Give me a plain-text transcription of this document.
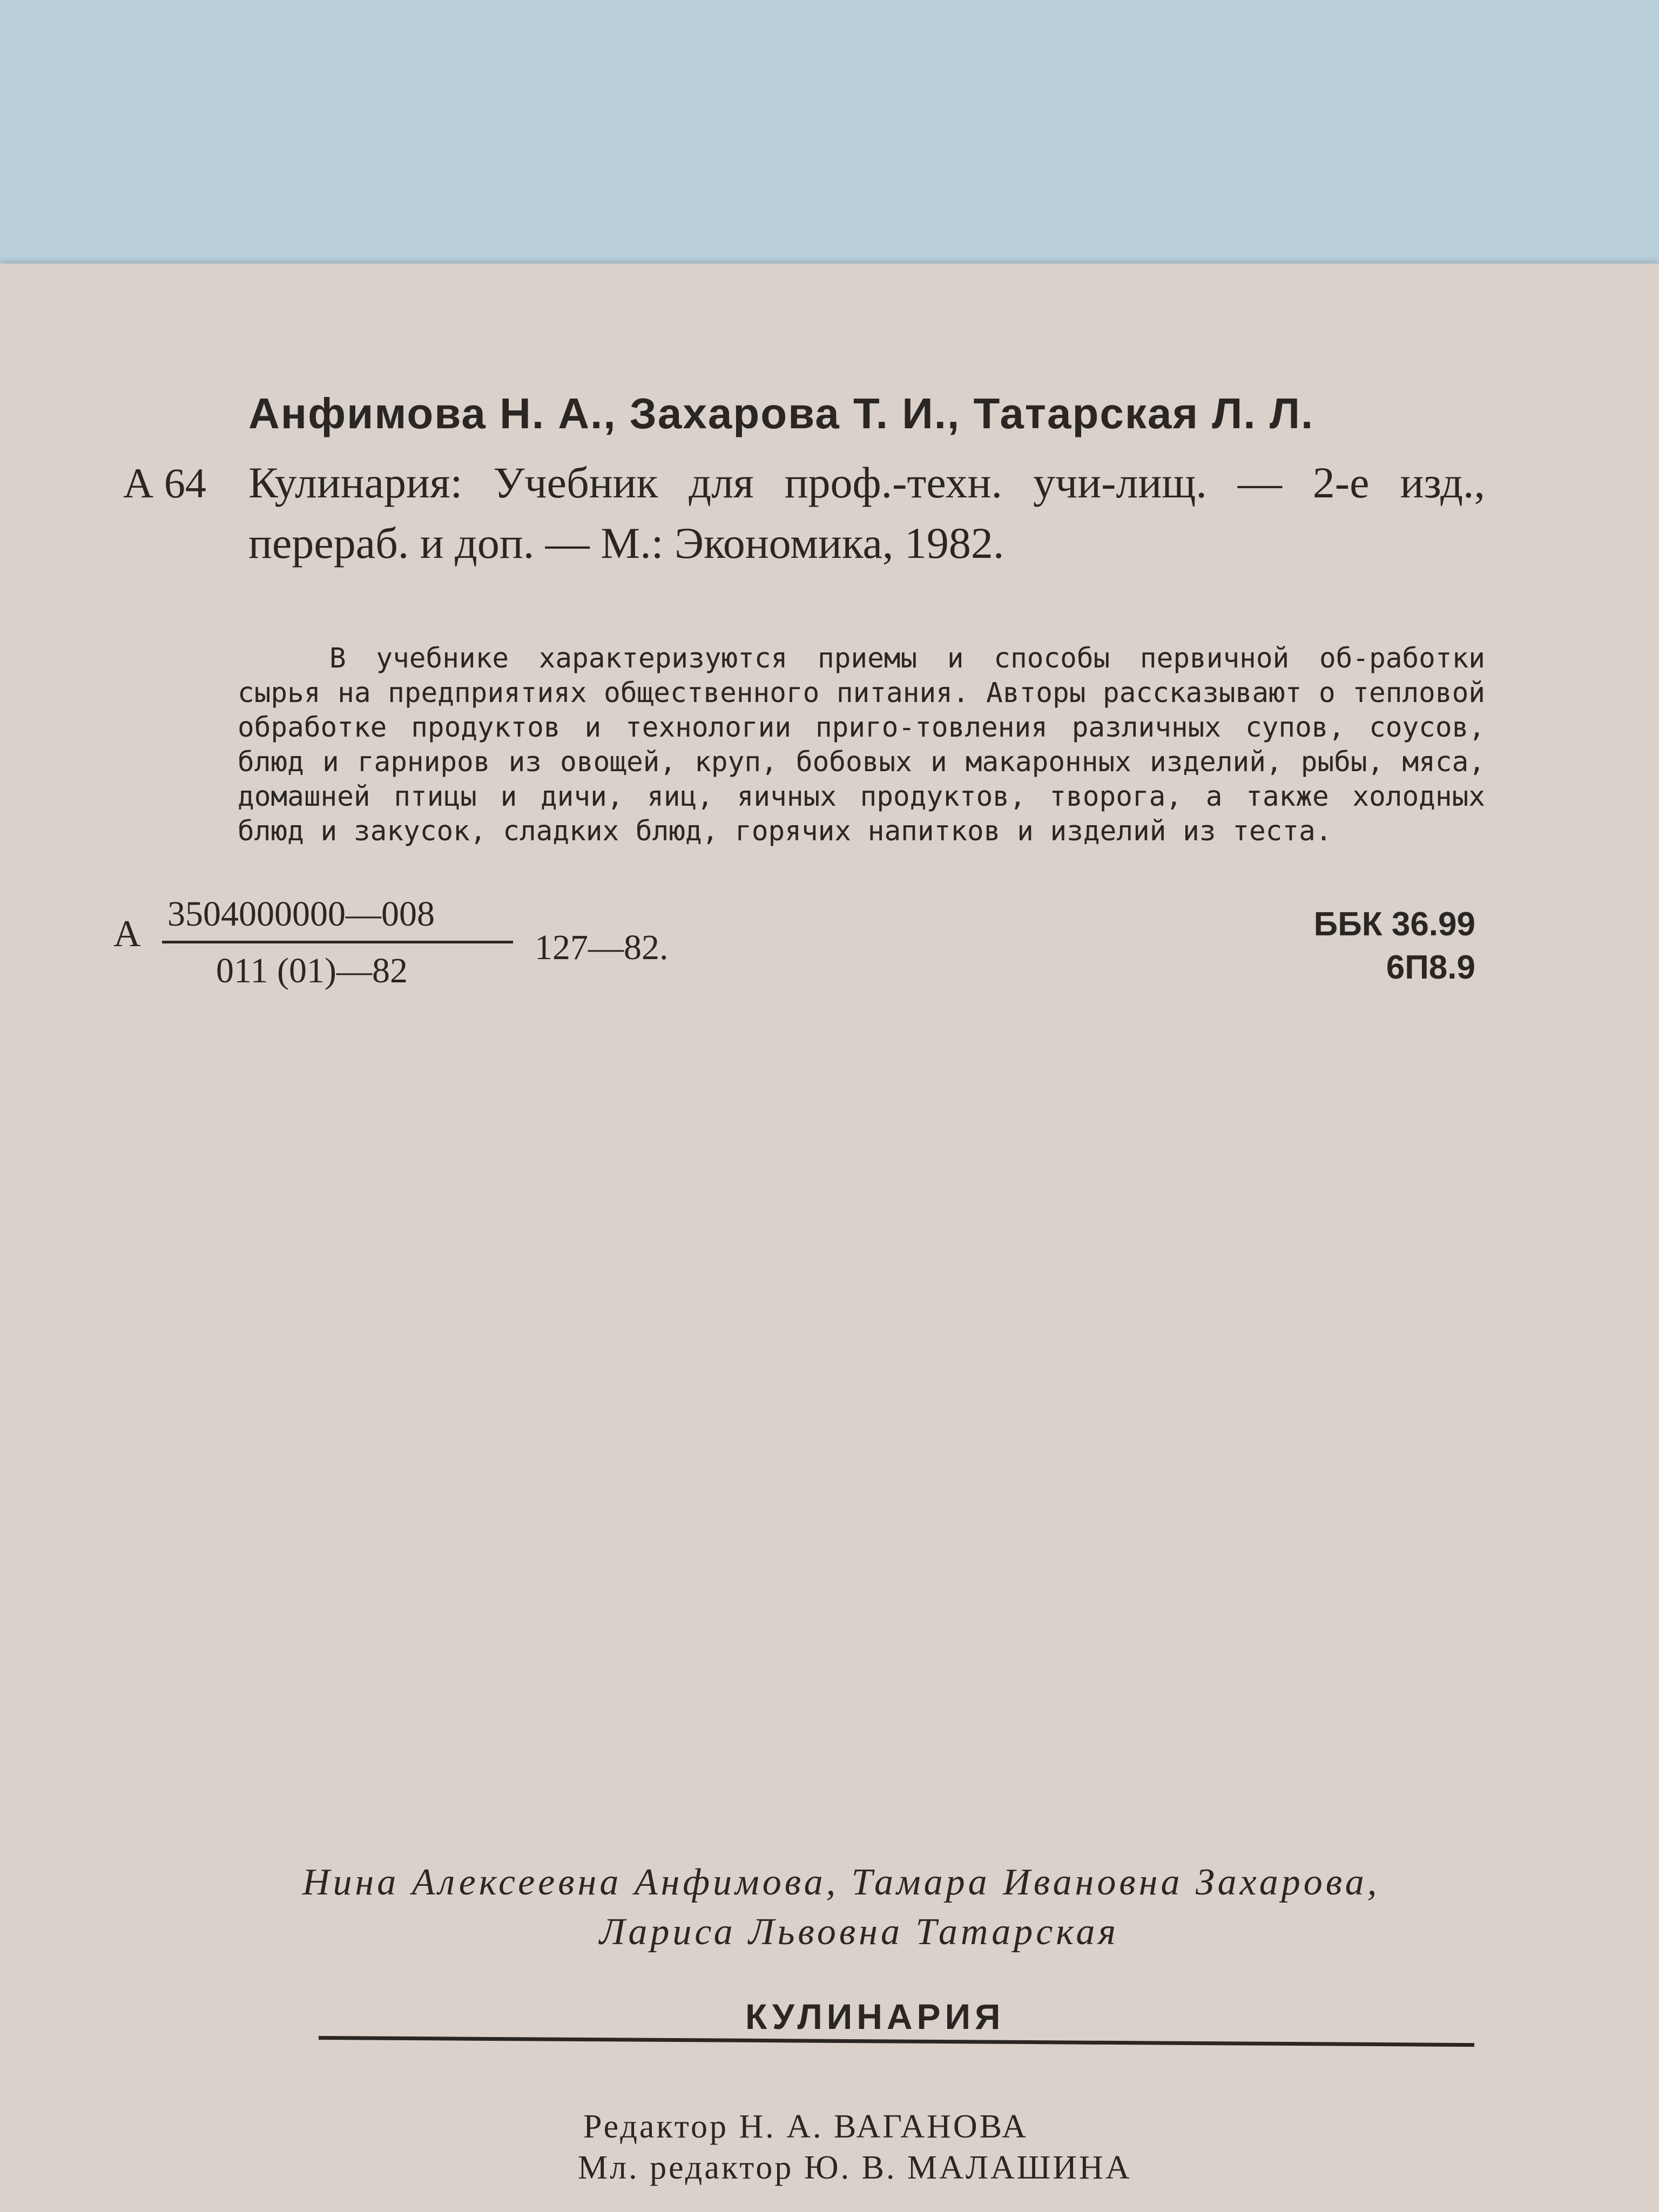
Анфимова Н. А., Захарова Т. И., Татарская Л. Л.
А 64 Кулинария: Учебник для проф.-техн. учи-лищ. — 2-е изд., перераб. и доп. — М.: Экономика, 1982.

В учебнике характеризуются приемы и способы первичной об-работки сырья на предприятиях общественного питания. Авторы рассказывают о тепловой обработке продуктов и технологии приго-товления различных супов, соусов, блюд и гарниров из овощей, круп, бобовых и макаронных изделий, рыбы, мяса, домашней птицы и дичи, яиц, яичных продуктов, творога, а также холодных блюд и закусок, сладких блюд, горячих напитков и изделий из теста.

А 3504000000—008
011 (01)—82
127—82.
ББК 36.99
6П8.9
Нина Алексеевна Анфимова, Тамара Ивановна Захарова,
Лариса Львовна Татарская
КУЛИНАРИЯ
Редактор Н. А. ВАГАНОВА
Мл. редактор Ю. В. МАЛАШИНА
